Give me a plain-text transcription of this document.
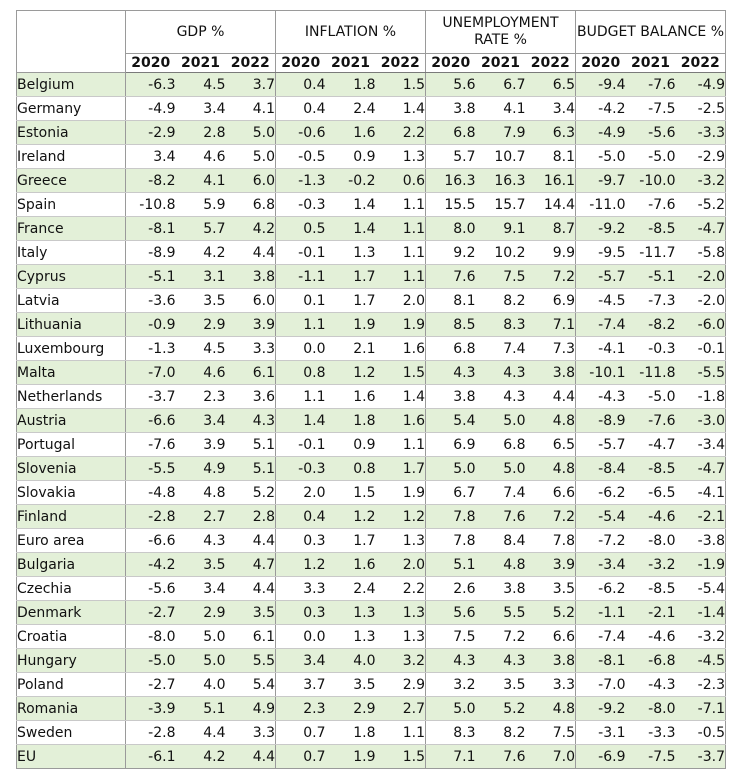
	GDP %			INFLATION %			UNEMPLOYMENT RATE %			BUDGET BALANCE %		
	2020	2021	2022	2020	2021	2022	2020	2021	2022	2020	2021	2022
Belgium	-6.3	4.5	3.7	0.4	1.8	1.5	5.6	6.7	6.5	-9.4	-7.6	-4.9
Germany	-4.9	3.4	4.1	0.4	2.4	1.4	3.8	4.1	3.4	-4.2	-7.5	-2.5
Estonia	-2.9	2.8	5.0	-0.6	1.6	2.2	6.8	7.9	6.3	-4.9	-5.6	-3.3
Ireland	3.4	4.6	5.0	-0.5	0.9	1.3	5.7	10.7	8.1	-5.0	-5.0	-2.9
Greece	-8.2	4.1	6.0	-1.3	-0.2	0.6	16.3	16.3	16.1	-9.7	-10.0	-3.2
Spain	-10.8	5.9	6.8	-0.3	1.4	1.1	15.5	15.7	14.4	-11.0	-7.6	-5.2
France	-8.1	5.7	4.2	0.5	1.4	1.1	8.0	9.1	8.7	-9.2	-8.5	-4.7
Italy	-8.9	4.2	4.4	-0.1	1.3	1.1	9.2	10.2	9.9	-9.5	-11.7	-5.8
Cyprus	-5.1	3.1	3.8	-1.1	1.7	1.1	7.6	7.5	7.2	-5.7	-5.1	-2.0
Latvia	-3.6	3.5	6.0	0.1	1.7	2.0	8.1	8.2	6.9	-4.5	-7.3	-2.0
Lithuania	-0.9	2.9	3.9	1.1	1.9	1.9	8.5	8.3	7.1	-7.4	-8.2	-6.0
Luxembourg	-1.3	4.5	3.3	0.0	2.1	1.6	6.8	7.4	7.3	-4.1	-0.3	-0.1
Malta	-7.0	4.6	6.1	0.8	1.2	1.5	4.3	4.3	3.8	-10.1	-11.8	-5.5
Netherlands	-3.7	2.3	3.6	1.1	1.6	1.4	3.8	4.3	4.4	-4.3	-5.0	-1.8
Austria	-6.6	3.4	4.3	1.4	1.8	1.6	5.4	5.0	4.8	-8.9	-7.6	-3.0
Portugal	-7.6	3.9	5.1	-0.1	0.9	1.1	6.9	6.8	6.5	-5.7	-4.7	-3.4
Slovenia	-5.5	4.9	5.1	-0.3	0.8	1.7	5.0	5.0	4.8	-8.4	-8.5	-4.7
Slovakia	-4.8	4.8	5.2	2.0	1.5	1.9	6.7	7.4	6.6	-6.2	-6.5	-4.1
Finland	-2.8	2.7	2.8	0.4	1.2	1.2	7.8	7.6	7.2	-5.4	-4.6	-2.1
Euro area	-6.6	4.3	4.4	0.3	1.7	1.3	7.8	8.4	7.8	-7.2	-8.0	-3.8
Bulgaria	-4.2	3.5	4.7	1.2	1.6	2.0	5.1	4.8	3.9	-3.4	-3.2	-1.9
Czechia	-5.6	3.4	4.4	3.3	2.4	2.2	2.6	3.8	3.5	-6.2	-8.5	-5.4
Denmark	-2.7	2.9	3.5	0.3	1.3	1.3	5.6	5.5	5.2	-1.1	-2.1	-1.4
Croatia	-8.0	5.0	6.1	0.0	1.3	1.3	7.5	7.2	6.6	-7.4	-4.6	-3.2
Hungary	-5.0	5.0	5.5	3.4	4.0	3.2	4.3	4.3	3.8	-8.1	-6.8	-4.5
Poland	-2.7	4.0	5.4	3.7	3.5	2.9	3.2	3.5	3.3	-7.0	-4.3	-2.3
Romania	-3.9	5.1	4.9	2.3	2.9	2.7	5.0	5.2	4.8	-9.2	-8.0	-7.1
Sweden	-2.8	4.4	3.3	0.7	1.8	1.1	8.3	8.2	7.5	-3.1	-3.3	-0.5
EU	-6.1	4.2	4.4	0.7	1.9	1.5	7.1	7.6	7.0	-6.9	-7.5	-3.7
